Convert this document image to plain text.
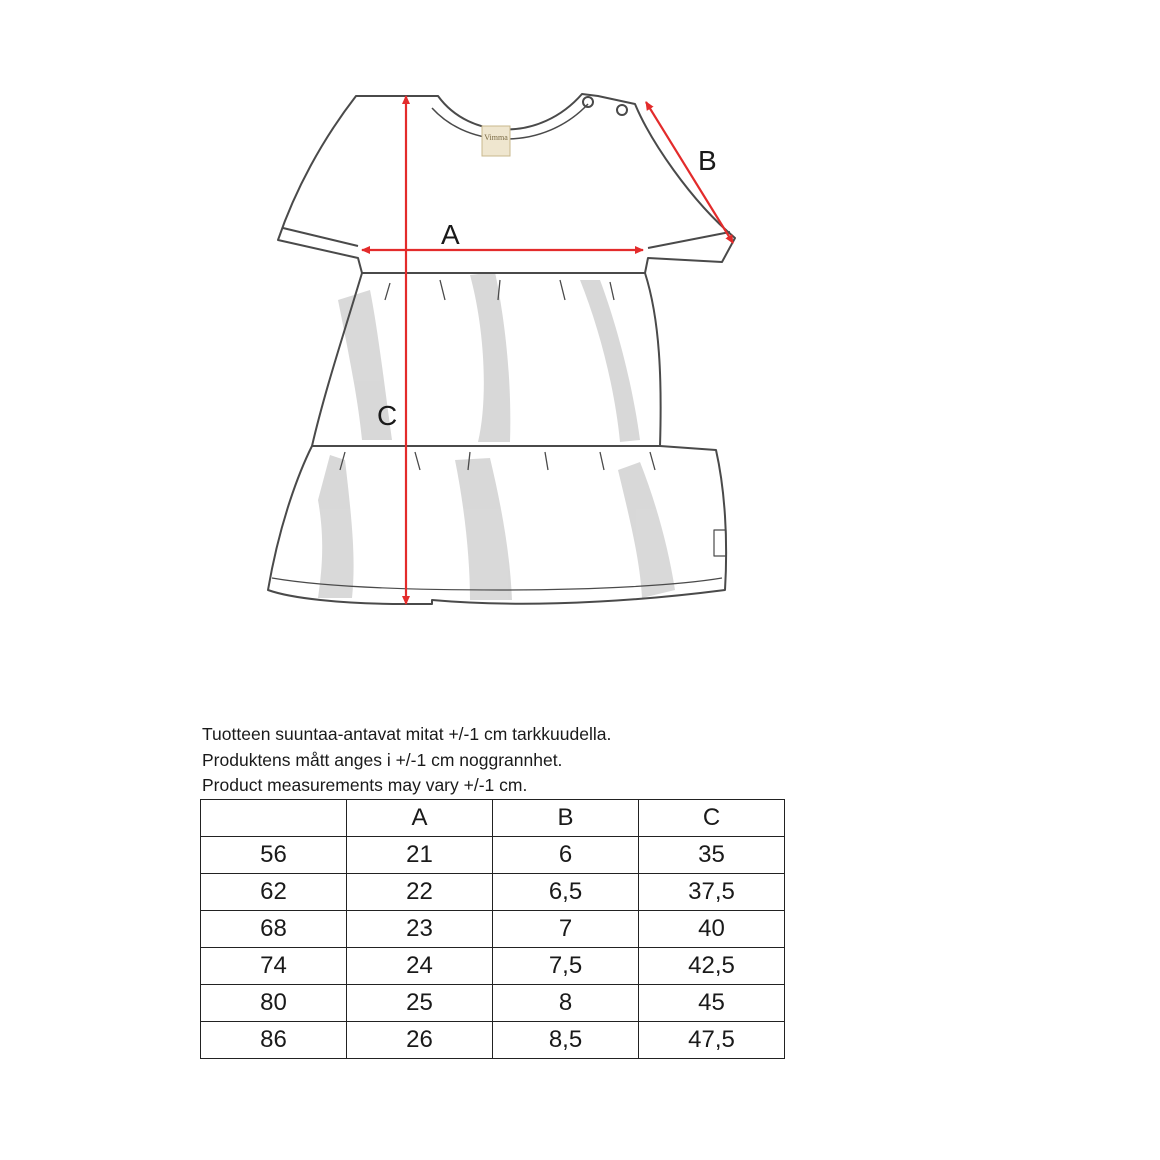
Vimma
A
B
C
Tuotteen suuntaa-antavat mitat +/-1 cm tarkkuudella.
Produktens mått anges i +/-1 cm noggrannhet.
Product measurements may vary +/-1 cm.
	A	B	C
56	21	6	35
62	22	6,5	37,5
68	23	7	40
74	24	7,5	42,5
80	25	8	45
86	26	8,5	47,5
